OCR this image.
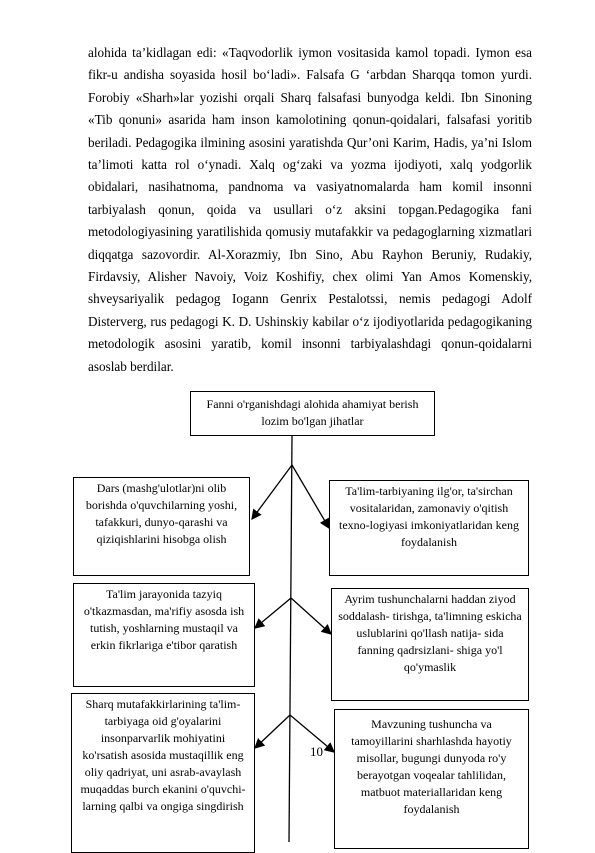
alohida ta’kidlagan edi: «Taqvodorlik iymon vositasida kamol topadi. Iymon esa fikr-u andisha soyasida hosil bo‘ladi». Falsafa G ‘arbdan Sharqqa tomon yurdi. Forobiy «Sharh»lar yozishi orqali Sharq falsafasi bunyodga keldi. Ibn Sinoning «Tib qonuni» asarida ham inson kamolotining qonun-qoidalari, falsafasi yoritib beriladi. Pedagogika ilmining asosini yaratishda Qur’oni Karim, Hadis, ya’ni Islom ta’limoti katta rol o‘ynadi. Xalq og‘zaki va yozma ijodiyoti, xalq yodgorlik obidalari, nasihatnoma, pandnoma va vasiyatnomalarda ham komil insonni tarbiyalash qonun, qoida va usullari o‘z aksini topgan.Pedagogika fani metodologiyasining yaratilishida qomusiy mutafakkir va pedagoglarning xizmatlari diqqatga sazovordir. Al-Xorazmiy, Ibn Sino, Abu Rayhon Beruniy, Rudakiy, Firdavsiy, Alisher Navoiy, Voiz Koshifiy, chex olimi Yan Amos Komenskiy, shveysariyalik pedagog Iogann Genrix Pestalotssi, nemis pedagogi Adolf Disterverg, rus pedagogi K. D. Ushinskiy kabilar o‘z ijodiyotlarida pedagogikaning metodologik asosini yaratib, komil insonni tarbiyalashdagi qonun-qoidalarni asoslab berdilar.

Fanni o'rganishdagi alohida ahamiyat berish lozim bo'lgan jihatlar
Dars (mashg'ulotlar)ni olib borishda o'quvchilarning yoshi, tafakkuri, dunyo-qarashi va qiziqishlarini hisobga olish
Ta'lim-tarbiyaning ilg'or, ta'sirchan vositalaridan, zamonaviy o'qitish texno-logiyasi imkoniyatlaridan keng foydalanish
Ta'lim jarayonida tazyiq o'tkazmasdan, ma'rifiy asosda ish tutish, yoshlarning mustaqil va erkin fikrlariga e'tibor qaratish
Ayrim tushunchalarni haddan ziyod soddalash- tirishga, ta'limning eskicha uslublarini qo'llash natija- sida fanning qadrsizlani- shiga yo'l qo'ymaslik
Sharq mutafakkirlarining ta'lim-tarbiyaga oid g'oyalarini insonparvarlik mohiyatini ko'rsatish asosida mustaqillik eng oliy qadriyat, uni asrab-avaylash muqaddas burch ekanini o'quvchi-larning qalbi va ongiga singdirish
Mavzuning tushuncha va tamoyillarini sharhlashda hayotiy misollar, bugungi dunyoda ro'y berayotgan voqealar tahlilidan, matbuot materiallaridan keng foydalanish
10
